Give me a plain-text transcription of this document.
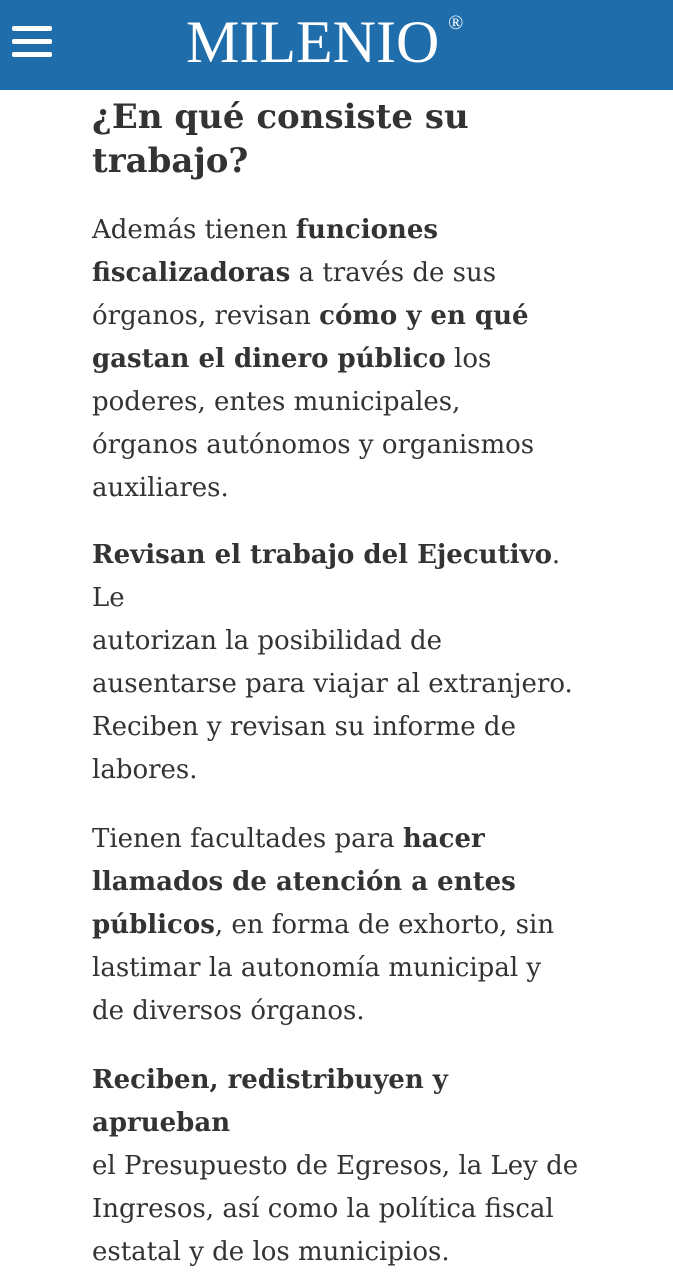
MILENIO ®
¿En qué consiste su
trabajo?

Además tienen funciones
fiscalizadoras a través de sus
órganos, revisan cómo y en qué
gastan el dinero público los
poderes, entes municipales,
órganos autónomos y organismos
auxiliares.

Revisan el trabajo del Ejecutivo. Le
autorizan la posibilidad de
ausentarse para viajar al extranjero.
Reciben y revisan su informe de
labores.

Tienen facultades para hacer
llamados de atención a entes
públicos, en forma de exhorto, sin
lastimar la autonomía municipal y
de diversos órganos.

Reciben, redistribuyen y aprueban
el Presupuesto de Egresos, la Ley de
Ingresos, así como la política fiscal
estatal y de los municipios.
